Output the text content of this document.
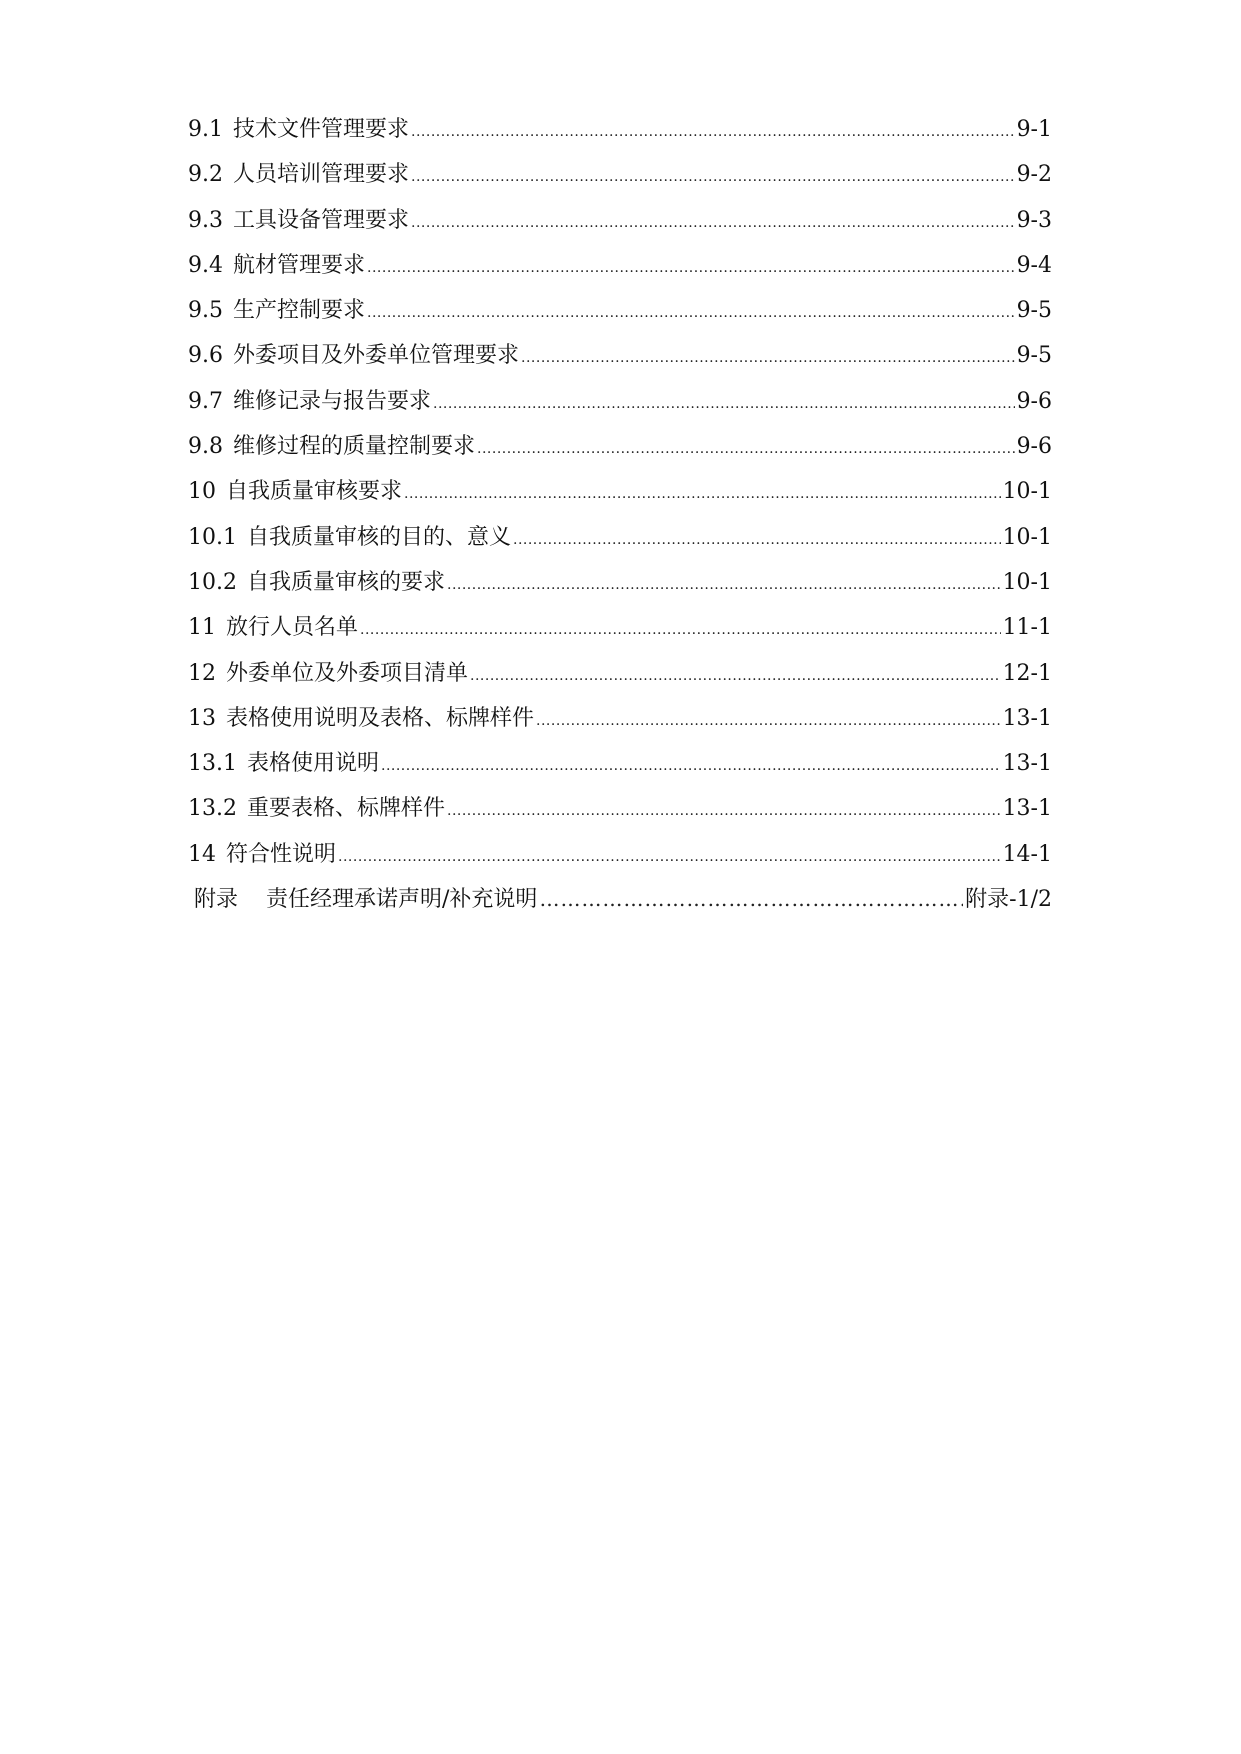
9.1 技术文件管理要求 .....	9-1
9.2 人员培训管理要求 .....	9-2
9.3 工具设备管理要求 .....	9-3
9.4 航材管理要求 .....	9-4
9.5 生产控制要求 .....	9-5
9.6 外委项目及外委单位管理要求 .....	9-5
9.7 维修记录与报告要求 .....	9-6
9.8 维修过程的质量控制要求 .....	9-6
10 自我质量审核要求 .....	10-1
10.1 自我质量审核的目的、意义 .....	10-1
10.2 自我质量审核的要求 .....	10-1
11 放行人员名单 .....	11-1
12 外委单位及外委项目清单 .....	12-1
13 表格使用说明及表格、标牌样件 .....	13-1
13.1 表格使用说明 .....	13-1
13.2 重要表格、标牌样件 .....	13-1
14 符合性说明 .....	14-1
附录 责任经理承诺声明/补充说明 ……………………………………………………………………………………	附录-1/2
